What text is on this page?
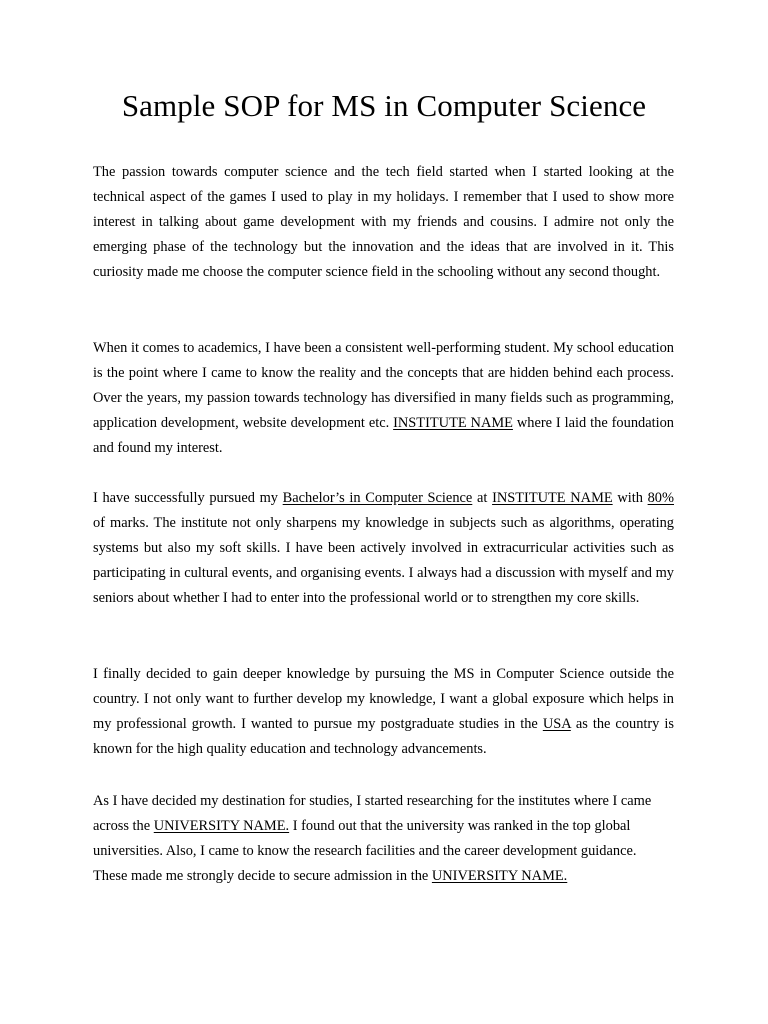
Sample SOP for MS in Computer Science

The passion towards computer science and the tech field started when I started looking at the technical aspect of the games I used to play in my holidays. I remember that I used to show more interest in talking about game development with my friends and cousins. I admire not only the emerging phase of the technology but the innovation and the ideas that are involved in it. This curiosity made me choose the computer science field in the schooling without any second thought.

When it comes to academics, I have been a consistent well-performing student. My school education is the point where I came to know the reality and the concepts that are hidden behind each process. Over the years, my passion towards technology has diversified in many fields such as programming, application development, website development etc. INSTITUTE NAME where I laid the foundation and found my interest.

I have successfully pursued my Bachelor’s in Computer Science at INSTITUTE NAME with 80% of marks. The institute not only sharpens my knowledge in subjects such as algorithms, operating systems but also my soft skills. I have been actively involved in extracurricular activities such as participating in cultural events, and organising events. I always had a discussion with myself and my seniors about whether I had to enter into the professional world or to strengthen my core skills.

I finally decided to gain deeper knowledge by pursuing the MS in Computer Science outside the country. I not only want to further develop my knowledge, I want a global exposure which helps in my professional growth. I wanted to pursue my postgraduate studies in the USA as the country is known for the high quality education and technology advancements.

As I have decided my destination for studies, I started researching for the institutes where I came across the UNIVERSITY NAME. I found out that the university was ranked in the top global universities. Also, I came to know the research facilities and the career development guidance. These made me strongly decide to secure admission in the UNIVERSITY NAME.
